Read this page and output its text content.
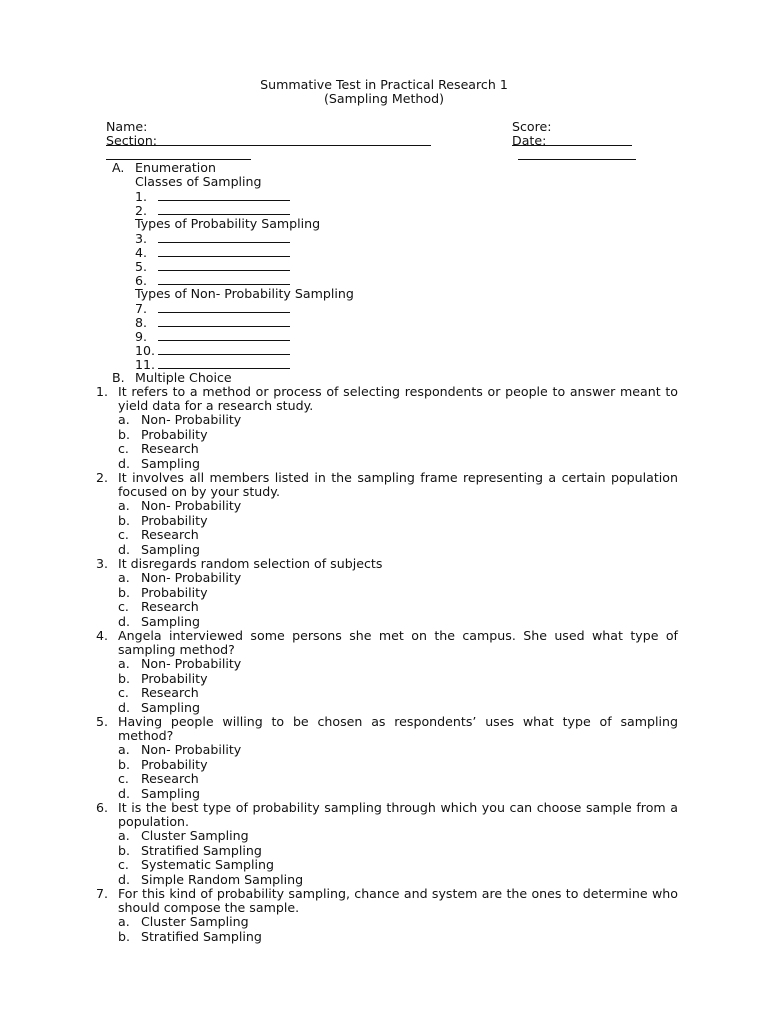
Summative Test in Practical Research 1
(Sampling Method)

Name:

	Score:

Section:

	Date:

A. Enumeration
Classes of Sampling
1.
2.
Types of Probability Sampling
3.
4.
5.
6.
Types of Non- Probability Sampling
7.
8.
9.
10.
11.
B. Multiple Choice
1. It refers to a method or process of selecting respondents or people to answer meant to yield data for a research study.
a. Non- Probability
b. Probability
c. Research
d. Sampling
2. It involves all members listed in the sampling frame representing a certain population focused on by your study.
a. Non- Probability
b. Probability
c. Research
d. Sampling
3. It disregards random selection of subjects
a. Non- Probability
b. Probability
c. Research
d. Sampling
4. Angela interviewed some persons she met on the campus. She used what type of sampling method?
a. Non- Probability
b. Probability
c. Research
d. Sampling
5. Having people willing to be chosen as respondents’ uses what type of sampling method?
a. Non- Probability
b. Probability
c. Research
d. Sampling
6. It is the best type of probability sampling through which you can choose sample from a population.
a. Cluster Sampling
b. Stratified Sampling
c. Systematic Sampling
d. Simple Random Sampling
7. For this kind of probability sampling, chance and system are the ones to determine who should compose the sample.
a. Cluster Sampling
b. Stratified Sampling
